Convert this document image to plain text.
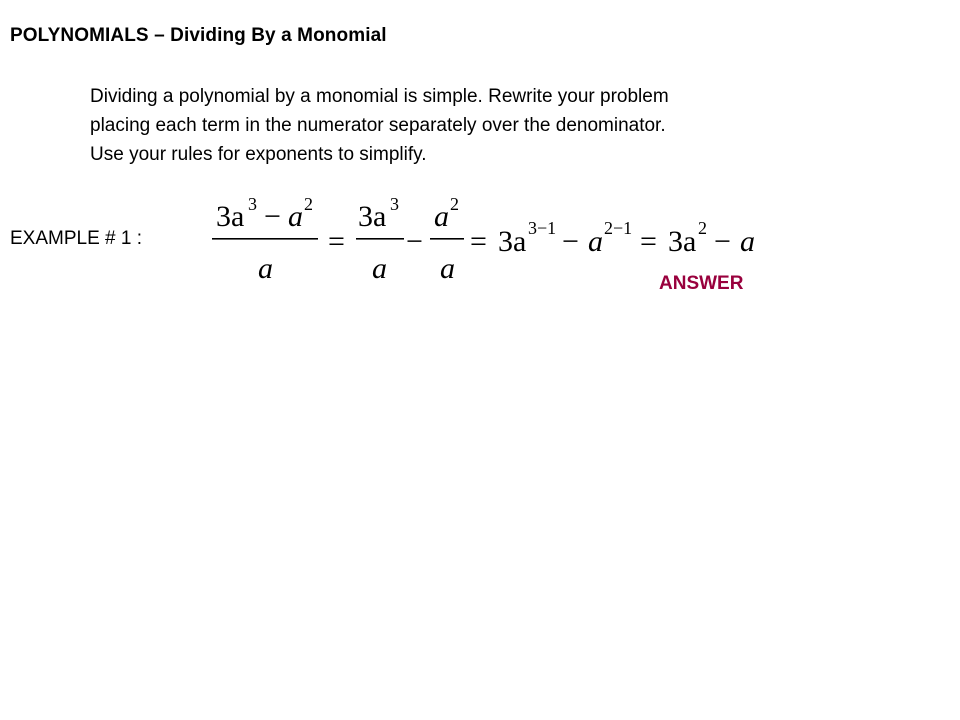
POLYNOMIALS – Dividing By a Monomial
Dividing a polynomial by a monomial is simple. Rewrite your problem
placing each term in the numerator separately over the denominator.
Use your rules for exponents to simplify.
EXAMPLE # 1 :
3a 3 − a 2
a
=
3a 3
a
−
a 2
a
= 3a 3−1 − a 2−1 = 3a 2 − a
ANSWER
